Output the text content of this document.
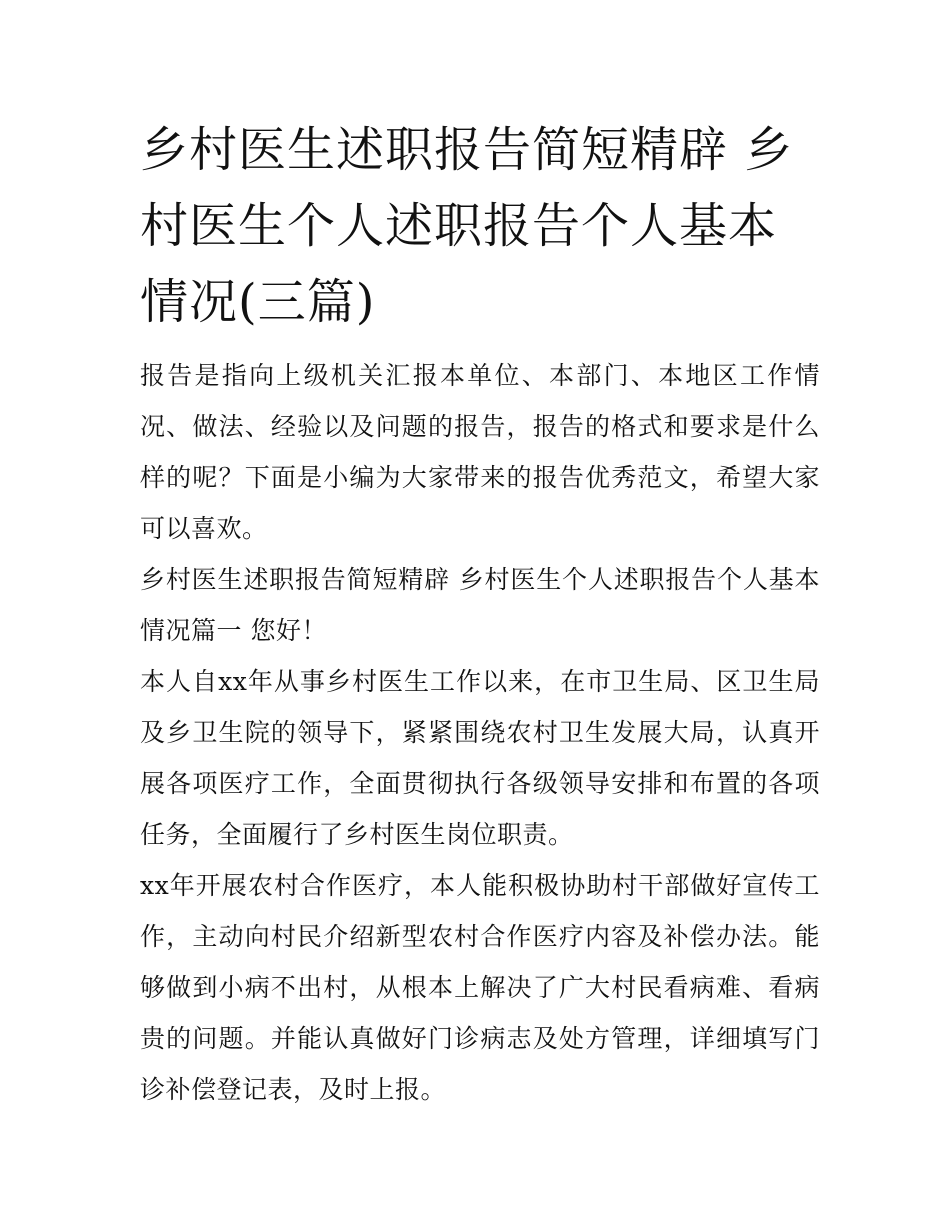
乡村医生述职报告简短精辟 乡村医生个人述职报告个人基本情况(三篇)

报告是指向上级机关汇报本单位、本部门、本地区工作情况、做法、经验以及问题的报告，报告的格式和要求是什么样的呢？下面是小编为大家带来的报告优秀范文，希望大家可以喜欢。

乡村医生述职报告简短精辟 乡村医生个人述职报告个人基本情况篇一 您好！

本人自xx年从事乡村医生工作以来，在市卫生局、区卫生局及乡卫生院的领导下，紧紧围绕农村卫生发展大局，认真开展各项医疗工作，全面贯彻执行各级领导安排和布置的各项任务，全面履行了乡村医生岗位职责。

xx年开展农村合作医疗，本人能积极协助村干部做好宣传工作，主动向村民介绍新型农村合作医疗内容及补偿办法。能够做到小病不出村，从根本上解决了广大村民看病难、看病贵的问题。并能认真做好门诊病志及处方管理，详细填写门诊补偿登记表，及时上报。
